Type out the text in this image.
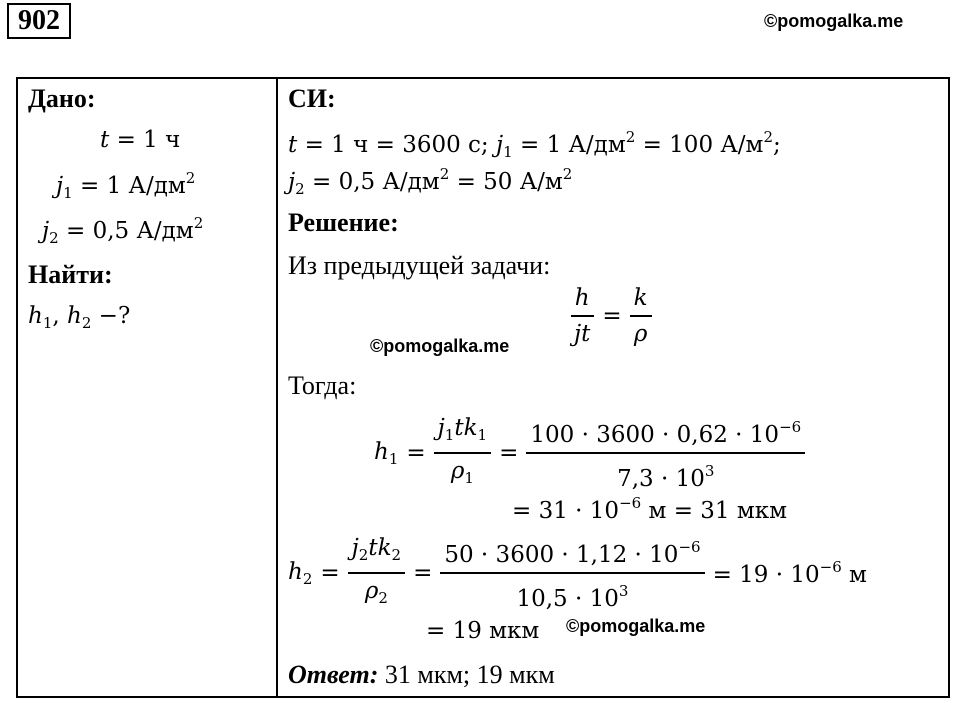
902	©pomogalka.me
Дано:
t = 1 ч
$j_1 = 1$ $А/дм^2$
$j_2 = 0,5$ $А/дм^2$
Найти:
$h_1$, $h_2$ −?
СИ:
t = 1 ч = 3600 с; $j_1 = 1$ $А/дм^2 = 100$ $А/м^2$;
$j_2 = 0,5$ $А/дм^2 = 50$ $А/м^2$
Решение:
Из предыдущей задачи:
$\frac{h}{jt} = \frac{k}{\rho}$
©pomogalka.me
Тогда:
$h_1 = \frac{j_1tk_1}{\rho_1} = \frac{100 \cdot 3600 \cdot 0,62 \cdot 10^{-6}}{7,3 \cdot 10^3}$
= $31 \cdot 10^{-6}$ м = 31 мкм
$h_2 = \frac{j_2tk_2}{\rho_2} = \frac{50 \cdot 3600 \cdot 1,12 \cdot 10^{-6}}{10,5 \cdot 10^3} = 19 \cdot 10^{-6}$ м
= 19 мкм ©pomogalka.me
Ответ: 31 мкм; 19 мкм
